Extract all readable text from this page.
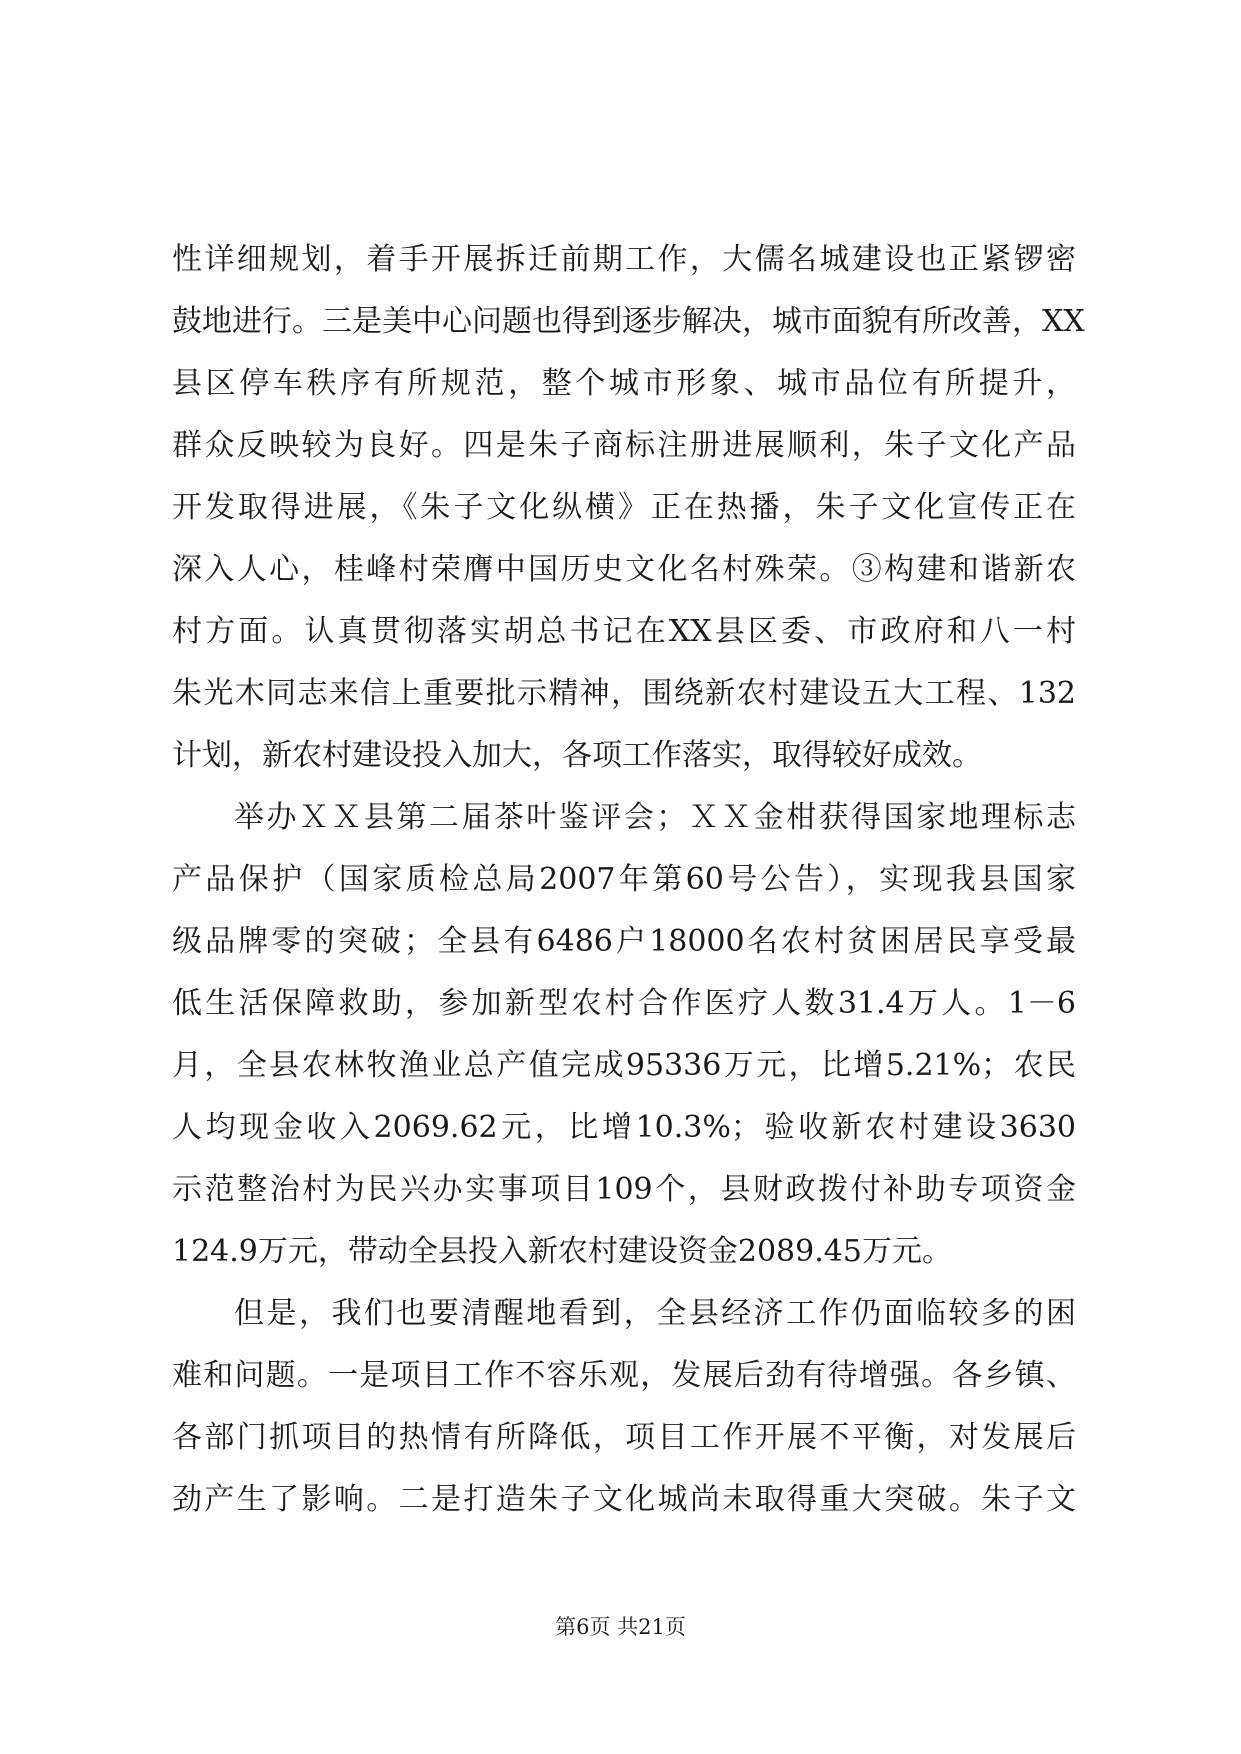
性详细规划，着手开展拆迁前期工作，大儒名城建设也正紧锣密
鼓地进行。三是美中心问题也得到逐步解决，城市面貌有所改善，XX
县区停车秩序有所规范，整个城市形象、城市品位有所提升，
群众反映较为良好。四是朱子商标注册进展顺利，朱子文化产品
开发取得进展，《朱子文化纵横》正在热播，朱子文化宣传正在
深入人心，桂峰村荣膺中国历史文化名村殊荣。③构建和谐新农
村方面。认真贯彻落实胡总书记在XX县区委、市政府和八一村
朱光木同志来信上重要批示精神，围绕新农村建设五大工程、132
计划，新农村建设投入加大，各项工作落实，取得较好成效。
举办ＸＸ县第二届茶叶鉴评会；ＸＸ金柑获得国家地理标志
产品保护（国家质检总局2007年第60号公告），实现我县国家
级品牌零的突破；全县有6486户18000名农村贫困居民享受最
低生活保障救助，参加新型农村合作医疗人数31.4万人。1－6
月，全县农林牧渔业总产值完成95336万元，比增5.21%；农民
人均现金收入2069.62元，比增10.3%；验收新农村建设3630
示范整治村为民兴办实事项目109个，县财政拨付补助专项资金
124.9万元，带动全县投入新农村建设资金2089.45万元。
但是，我们也要清醒地看到，全县经济工作仍面临较多的困
难和问题。一是项目工作不容乐观，发展后劲有待增强。各乡镇、
各部门抓项目的热情有所降低，项目工作开展不平衡，对发展后
劲产生了影响。二是打造朱子文化城尚未取得重大突破。朱子文
第6页 共21页
